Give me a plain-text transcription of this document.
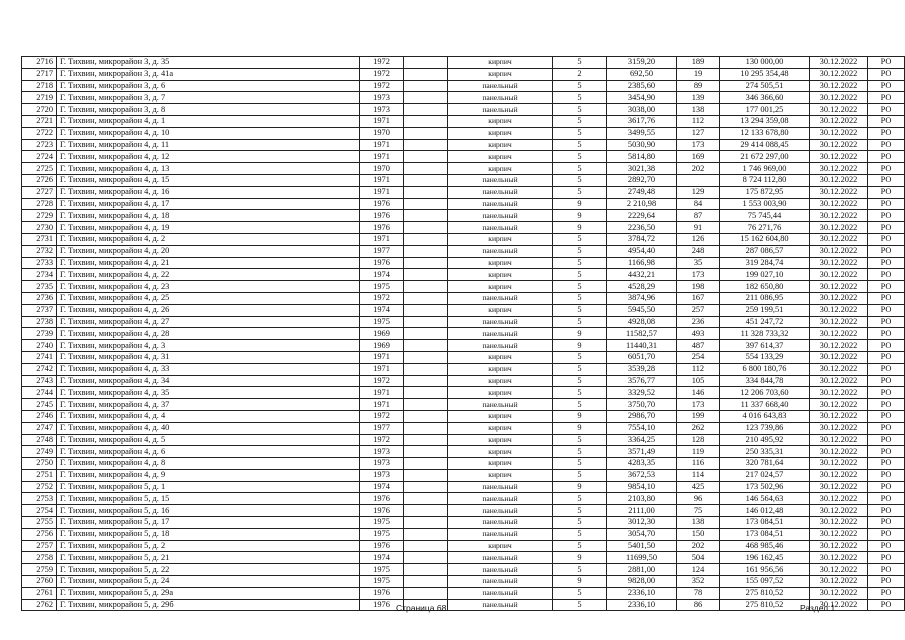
2716	Г. Тихвин, микрорайон 3, д. 35	1972		кирпич	5	3159,20	189	130 000,00	30.12.2022	РО
2717	Г. Тихвин, микрорайон 3, д. 41а	1972		кирпич	2	692,50	19	10 295 354,48	30.12.2022	РО
2718	Г. Тихвин, микрорайон 3, д. 6	1972		панельный	5	2385,60	89	274 505,51	30.12.2022	РО
2719	Г. Тихвин, микрорайон 3, д. 7	1973		панельный	5	3454,90	139	346 366,60	30.12.2022	РО
2720	Г. Тихвин, микрорайон 3, д. 8	1973		панельный	5	3038,00	138	177 001,25	30.12.2022	РО
2721	Г. Тихвин, микрорайон 4, д. 1	1971		кирпич	5	3617,76	112	13 294 359,08	30.12.2022	РО
2722	Г. Тихвин, микрорайон 4, д. 10	1970		кирпич	5	3499,55	127	12 133 678,80	30.12.2022	РО
2723	Г. Тихвин, микрорайон 4, д. 11	1971		кирпич	5	5030,90	173	29 414 088,45	30.12.2022	РО
2724	Г. Тихвин, микрорайон 4, д. 12	1971		кирпич	5	5814,80	169	21 672 297,00	30.12.2022	РО
2725	Г. Тихвин, микрорайон 4, д. 13	1970		кирпич	5	3021,38	202	1 746 969,00	30.12.2022	РО
2726	Г. Тихвин, микрорайон 4, д. 15	1971		панельный	5	2892,70		8 724 112,80	30.12.2022	РО
2727	Г. Тихвин, микрорайон 4, д. 16	1971		панельный	5	2749,48	129	175 872,95	30.12.2022	РО
2728	Г. Тихвин, микрорайон 4, д. 17	1976		панельный	9	2 210,98	84	1 553 003,90	30.12.2022	РО
2729	Г. Тихвин, микрорайон 4, д. 18	1976		панельный	9	2229,64	87	75 745,44	30.12.2022	РО
2730	Г. Тихвин, микрорайон 4, д. 19	1976		панельный	9	2236,50	91	76 271,76	30.12.2022	РО
2731	Г. Тихвин, микрорайон 4, д. 2	1971		кирпич	5	3784,72	126	15 162 604,80	30.12.2022	РО
2732	Г. Тихвин, микрорайон 4, д. 20	1977		панельный	5	4954,40	248	287 086,57	30.12.2022	РО
2733	Г. Тихвин, микрорайон 4, д. 21	1976		кирпич	5	1166,98	35	319 284,74	30.12.2022	РО
2734	Г. Тихвин, микрорайон 4, д. 22	1974		кирпич	5	4432,21	173	199 027,10	30.12.2022	РО
2735	Г. Тихвин, микрорайон 4, д. 23	1975		кирпич	5	4528,29	198	182 650,80	30.12.2022	РО
2736	Г. Тихвин, микрорайон 4, д. 25	1972		панельный	5	3874,96	167	211 086,95	30.12.2022	РО
2737	Г. Тихвин, микрорайон 4, д. 26	1974		кирпич	5	5945,50	257	259 199,51	30.12.2022	РО
2738	Г. Тихвин, микрорайон 4, д. 27	1975		панельный	5	4928,08	236	451 247,72	30.12.2022	РО
2739	Г. Тихвин, микрорайон 4, д. 28	1969		панельный	9	11582,57	493	11 328 733,32	30.12.2022	РО
2740	Г. Тихвин, микрорайон 4, д. 3	1969		панельный	9	11440,31	487	397 614,37	30.12.2022	РО
2741	Г. Тихвин, микрорайон 4, д. 31	1971		кирпич	5	6051,70	254	554 133,29	30.12.2022	РО
2742	Г. Тихвин, микрорайон 4, д. 33	1971		кирпич	5	3539,28	112	6 800 180,76	30.12.2022	РО
2743	Г. Тихвин, микрорайон 4, д. 34	1972		кирпич	5	3576,77	105	334 844,78	30.12.2022	РО
2744	Г. Тихвин, микрорайон 4, д. 35	1971		кирпич	5	3329,52	146	12 206 703,60	30.12.2022	РО
2745	Г. Тихвин, микрорайон 4, д. 37	1971		панельный	5	3750,70	173	11 337 668,40	30.12.2022	РО
2746	Г. Тихвин, микрорайон 4, д. 4	1972		кирпич	9	2986,70	199	4 016 643,83	30.12.2022	РО
2747	Г. Тихвин, микрорайон 4, д. 40	1977		кирпич	9	7554,10	262	123 739,86	30.12.2022	РО
2748	Г. Тихвин, микрорайон 4, д. 5	1972		кирпич	5	3364,25	128	210 495,92	30.12.2022	РО
2749	Г. Тихвин, микрорайон 4, д. 6	1973		кирпич	5	3571,49	119	250 335,31	30.12.2022	РО
2750	Г. Тихвин, микрорайон 4, д. 8	1973		кирпич	5	4283,35	116	320 781,64	30.12.2022	РО
2751	Г. Тихвин, микрорайон 4, д. 9	1973		кирпич	5	3672,53	114	217 024,57	30.12.2022	РО
2752	Г. Тихвин, микрорайон 5, д. 1	1974		панельный	9	9854,10	425	173 502,96	30.12.2022	РО
2753	Г. Тихвин, микрорайон 5, д. 15	1976		панельный	5	2103,80	96	146 564,63	30.12.2022	РО
2754	Г. Тихвин, микрорайон 5, д. 16	1976		панельный	5	2111,00	75	146 012,48	30.12.2022	РО
2755	Г. Тихвин, микрорайон 5, д. 17	1975		панельный	5	3012,30	138	173 084,51	30.12.2022	РО
2756	Г. Тихвин, микрорайон 5, д. 18	1975		панельный	5	3054,70	150	173 084,51	30.12.2022	РО
2757	Г. Тихвин, микрорайон 5, д. 2	1976		кирпич	5	5401,50	202	468 985,46	30.12.2022	РО
2758	Г. Тихвин, микрорайон 5, д. 21	1974		панельный	9	11699,50	504	196 162,45	30.12.2022	РО
2759	Г. Тихвин, микрорайон 5, д. 22	1975		панельный	5	2881,00	124	161 956,56	30.12.2022	РО
2760	Г. Тихвин, микрорайон 5, д. 24	1975		панельный	9	9828,00	352	155 097,52	30.12.2022	РО
2761	Г. Тихвин, микрорайон 5, д. 29а	1976		панельный	5	2336,10	78	275 810,52	30.12.2022	РО
2762	Г. Тихвин, микрорайон 5, д. 29б	1976		панельный	5	2336,10	86	275 810,52	30.12.2022	РО
Страница 68	Раздел 1
